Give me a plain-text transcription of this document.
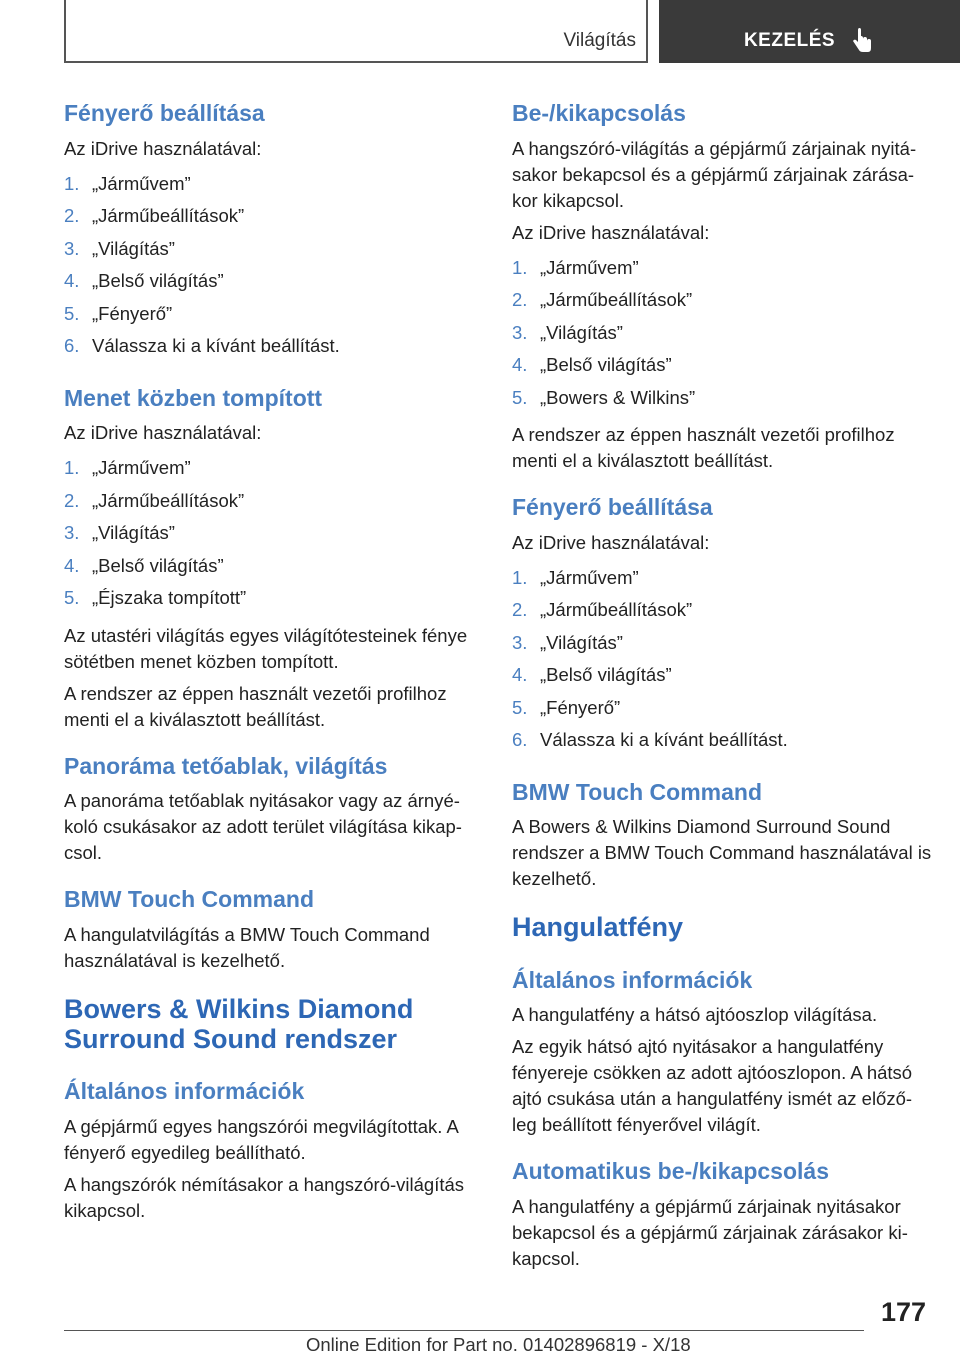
Világítás	KEZELÉS
Fényerő beállítása
Az iDrive használatával:
1. „Járművem”
2. „Járműbeállítások”
3. „Világítás”
4. „Belső világítás”
5. „Fényerő”
6. Válassza ki a kívánt beállítást.
Menet közben tompított
Az iDrive használatával:
1. „Járművem”
2. „Járműbeállítások”
3. „Világítás”
4. „Belső világítás”
5. „Éjszaka tompított”
Az utastéri világítás egyes világítótesteinek fénye sötétben menet közben tompított.
A rendszer az éppen használt vezetői profilhoz menti el a kiválasztott beállítást.
Panoráma tetőablak, világítás
A panoráma tetőablak nyitásakor vagy az árnyé-koló csukásakor az adott terület világítása kikap-csol.
BMW Touch Command
A hangulatvilágítás a BMW Touch Command használatával is kezelhető.
Bowers & Wilkins Diamond Surround Sound rendszer
Általános információk
A gépjármű egyes hangszórói megvilágítottak. A fényerő egyedileg beállítható.
A hangszórók némításakor a hangszóró-világítás kikapcsol.
Be-/kikapcsolás
A hangszóró-világítás a gépjármű zárjainak nyitá-sakor bekapcsol és a gépjármű zárjainak zárása-kor kikapcsol.
Az iDrive használatával:
1. „Járművem”
2. „Járműbeállítások”
3. „Világítás”
4. „Belső világítás”
5. „Bowers & Wilkins”
A rendszer az éppen használt vezetői profilhoz menti el a kiválasztott beállítást.
Fényerő beállítása
Az iDrive használatával:
1. „Járművem”
2. „Járműbeállítások”
3. „Világítás”
4. „Belső világítás”
5. „Fényerő”
6. Válassza ki a kívánt beállítást.
BMW Touch Command
A Bowers & Wilkins Diamond Surround Sound rendszer a BMW Touch Command használatával is kezelhető.
Hangulatfény
Általános információk
A hangulatfény a hátsó ajtóoszlop világítása.
Az egyik hátsó ajtó nyitásakor a hangulatfény fényereje csökken az adott ajtóoszlopon. A hátsó ajtó csukása után a hangulatfény ismét az előző-leg beállított fényerővel világít.
Automatikus be-/kikapcsolás
A hangulatfény a gépjármű zárjainak nyitásakor bekapcsol és a gépjármű zárjainak zárásakor ki-kapcsol.
177
Online Edition for Part no. 01402896819 - X/18
